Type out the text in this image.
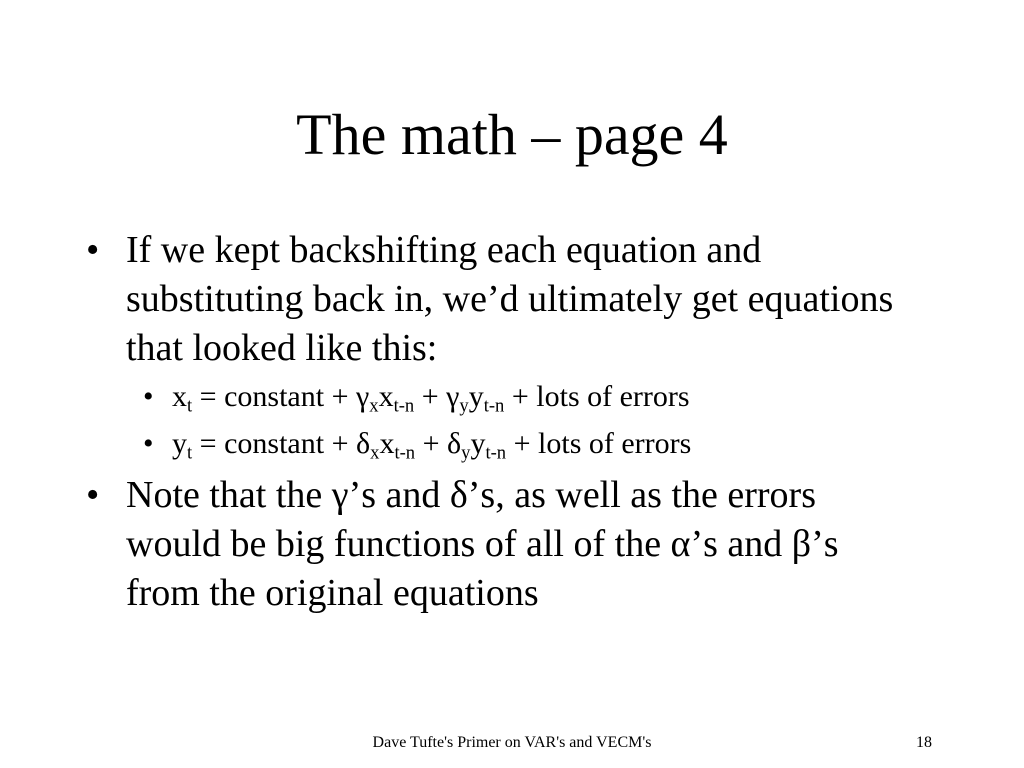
The math – page 4
• If we kept backshifting each equation and substituting back in, we’d ultimately get equations that looked like this:
• $x_t$ = constant + $\gamma_xx_{t-n} + \gamma_yy_{t-n}$ + lots of errors
• $y_t$ = constant + $\delta_xx_{t-n} + \delta_yy_{t-n}$ + lots of errors
• Note that the γ’s and δ’s, as well as the errors would be big functions of all of the α’s and β’s from the original equations
Dave Tufte's Primer on VAR's and VECM's	18
